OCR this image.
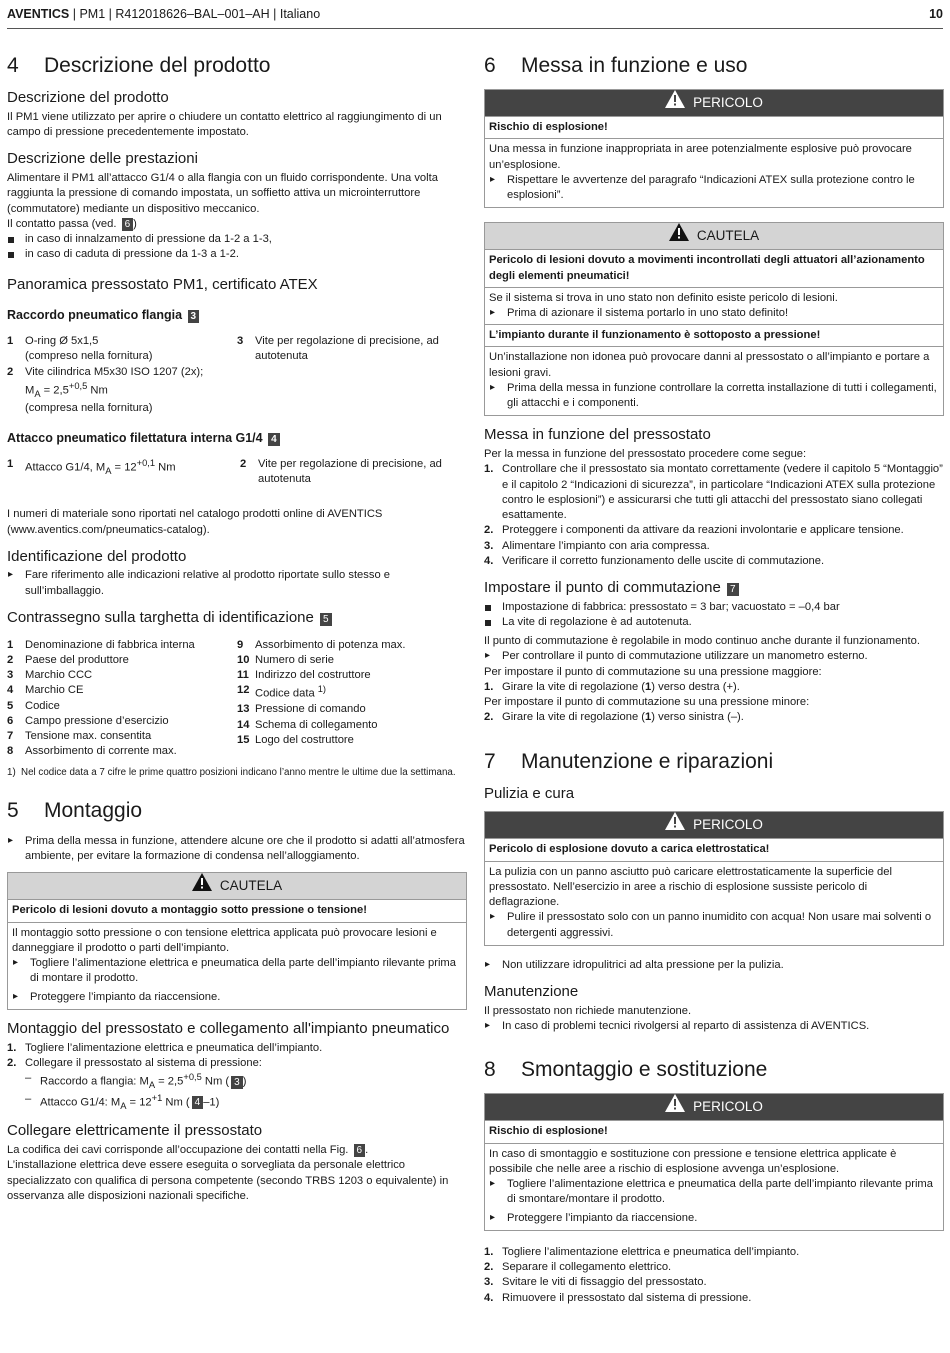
AVENTICS | PM1 | R412018626–BAL–001–AH | Italiano	10
4 Descrizione del prodotto
Descrizione del prodotto

Il PM1 viene utilizzato per aprire o chiudere un contatto elettrico al raggiungimento di un campo di pressione precedentemente impostato.

Descrizione delle prestazioni

Alimentare il PM1 all’attacco G1/4 o alla flangia con un fluido corrispondente. Una volta raggiunta la pressione di comando impostata, un soffietto attiva un microinterruttore (commutatore) mediante un dispositivo meccanico.

Il contatto passa (ved. 6 )

in caso di innalzamento di pressione da 1-2 a 1-3,
in caso di caduta di pressione da 1-3 a 1-2.
Panoramica pressostato PM1, certificato ATEX
Raccordo pneumatico flangia 3
1 O-ring Ø 5x1,5
(compreso nella fornitura)
2 Vite cilindrica M5x30 ISO 1207 (2x);
$M_A = 2,5^{+0,5}$ Nm
(compresa nella fornitura)
3 Vite per regolazione di precisione, ad autotenuta
Attacco pneumatico filettatura interna G1/4 4
1 Attacco G1/4, $M_A = 12^{+0,1}$ Nm	2 Vite per regolazione di precisione, ad autotenuta

I numeri di materiale sono riportati nel catalogo prodotti online di AVENTICS (www.aventics.com/pneumatics-catalog).

Identificazione del prodotto
▸ Fare riferimento alle indicazioni relative al prodotto riportate sullo stesso e sull’imballaggio.
Contrassegno sulla targhetta di identificazione 5
1 Denominazione di fabbrica interna
2 Paese del produttore
3 Marchio CCC
4 Marchio CE
5 Codice
6 Campo pressione d’esercizio
7 Tensione max. consentita
8 Assorbimento di corrente max.
9 Assorbimento di potenza max.
10 Numero di serie
11 Indirizzo del costruttore
12 Codice data $^{1)}$
13 Pressione di comando
14 Schema di collegamento
15 Logo del costruttore
1) Nel codice data a 7 cifre le prime quattro posizioni indicano l’anno mentre le ultime due la settimana.
5 Montaggio
▸ Prima della messa in funzione, attendere alcune ore che il prodotto si adatti all’atmosfera ambiente, per evitare la formazione di condensa nell’alloggiamento.
CAUTELA

Pericolo di lesioni dovuto a montaggio sotto pressione o tensione!

Il montaggio sotto pressione o con tensione elettrica applicata può provocare lesioni e danneggiare il prodotto o parti dell’impianto.

▸ Togliere l’alimentazione elettrica e pneumatica della parte dell’impianto rilevante prima di montare il prodotto.
▸ Proteggere l’impianto da riaccensione.
Montaggio del pressostato e collegamento all'impianto pneumatico
1. Togliere l’alimentazione elettrica e pneumatica dell’impianto.
2. Collegare il pressostato al sistema di pressione:
– Raccordo a flangia: $M_A = 2,5^{+0,5}$ Nm ( 3 )
– Attacco G1/4: $M_A = 12^{+1}$ Nm ( 4 –1)
Collegare elettricamente il pressostato

La codifica dei cavi corrisponde all’occupazione dei contatti nella Fig. 6 .

L’installazione elettrica deve essere eseguita o sorvegliata da personale elettrico specializzato con qualifica di persona competente (secondo TRBS 1203 o equivalente) in osservanza alle disposizioni nazionali specifiche.

6 Messa in funzione e uso
PERICOLO

Rischio di esplosione!

Una messa in funzione inappropriata in aree potenzialmente esplosive può provocare un’esplosione.

▸ Rispettare le avvertenze del paragrafo “Indicazioni ATEX sulla protezione contro le esplosioni”.
CAUTELA

Pericolo di lesioni dovuto a movimenti incontrollati degli attuatori all’azionamento degli elementi pneumatici!

Se il sistema si trova in uno stato non definito esiste pericolo di lesioni.

▸ Prima di azionare il sistema portarlo in uno stato definito!

L’impianto durante il funzionamento è sottoposto a pressione!

Un’installazione non idonea può provocare danni al pressostato o all’impianto e portare a lesioni gravi.

▸ Prima della messa in funzione controllare la corretta installazione di tutti i collegamenti, gli attacchi e i componenti.
Messa in funzione del pressostato

Per la messa in funzione del pressostato procedere come segue:

1. Controllare che il pressostato sia montato correttamente (vedere il capitolo 5 “Montaggio” e il capitolo 2 “Indicazioni di sicurezza”, in particolare “Indicazioni ATEX sulla protezione contro le esplosioni”) e assicurarsi che tutti gli attacchi del pressostato siano collegati esattamente.
2. Proteggere i componenti da attivare da reazioni involontarie e applicare tensione.
3. Alimentare l’impianto con aria compressa.
4. Verificare il corretto funzionamento delle uscite di commutazione.
Impostare il punto di commutazione 7
Impostazione di fabbrica: pressostato = 3 bar; vacuostato = –0,4 bar
La vite di regolazione è ad autotenuta.

Il punto di commutazione è regolabile in modo continuo anche durante il funzionamento.

▸ Per controllare il punto di commutazione utilizzare un manometro esterno.

Per impostare il punto di commutazione su una pressione maggiore:

1. Girare la vite di regolazione (1) verso destra (+).

Per impostare il punto di commutazione su una pressione minore:

2. Girare la vite di regolazione (1) verso sinistra (–).
7 Manutenzione e riparazioni
Pulizia e cura
PERICOLO

Pericolo di esplosione dovuto a carica elettrostatica!

La pulizia con un panno asciutto può caricare elettrostaticamente la superficie del pressostato. Nell’esercizio in aree a rischio di esplosione sussiste pericolo di deflagrazione.

▸ Pulire il pressostato solo con un panno inumidito con acqua! Non usare mai solventi o detergenti aggressivi.
▸ Non utilizzare idropulitrici ad alta pressione per la pulizia.
Manutenzione

Il pressostato non richiede manutenzione.

▸ In caso di problemi tecnici rivolgersi al reparto di assistenza di AVENTICS.
8 Smontaggio e sostituzione
PERICOLO

Rischio di esplosione!

In caso di smontaggio e sostituzione con pressione e tensione elettrica applicate è possibile che nelle aree a rischio di esplosione avvenga un’esplosione.

▸ Togliere l’alimentazione elettrica e pneumatica della parte dell’impianto rilevante prima di smontare/montare il prodotto.
▸ Proteggere l’impianto da riaccensione.
1. Togliere l’alimentazione elettrica e pneumatica dell’impianto.
2. Separare il collegamento elettrico.
3. Svitare le viti di fissaggio del pressostato.
4. Rimuovere il pressostato dal sistema di pressione.
